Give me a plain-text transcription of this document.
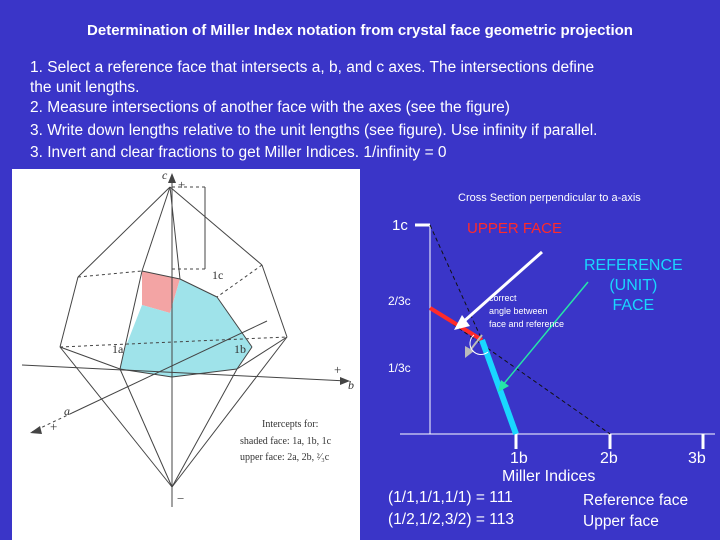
Determination of Miller Index notation from crystal face geometric projection
1. Select a reference face that intersects a, b, and c axes. The intersections define
the unit lengths.
2. Measure intersections of another face with the axes (see the figure)
3. Write down lengths relative to the unit lengths (see figure). Use infinity if parallel.
3. Invert and clear fractions to get Miller Indices. 1/infinity = 0
c
+
+
b
a
+
−
1c
1a	1b
Intercepts for:
shaded face: 1a, 1b, 1c
upper face: 2a, 2b, ²⁄₃c
Reference face is shaded blue
Cross Section perpendicular to a-axis
1c	UPPER FACE
2/3c
1/3c
REFERENCE
(UNIT)
FACE
correct
angle between
face and reference
1b	2b	3b
Miller Indices
(1/1,1/1,1/1) = 111	Reference face
(1/2,1/2,3/2) = 113	Upper face
